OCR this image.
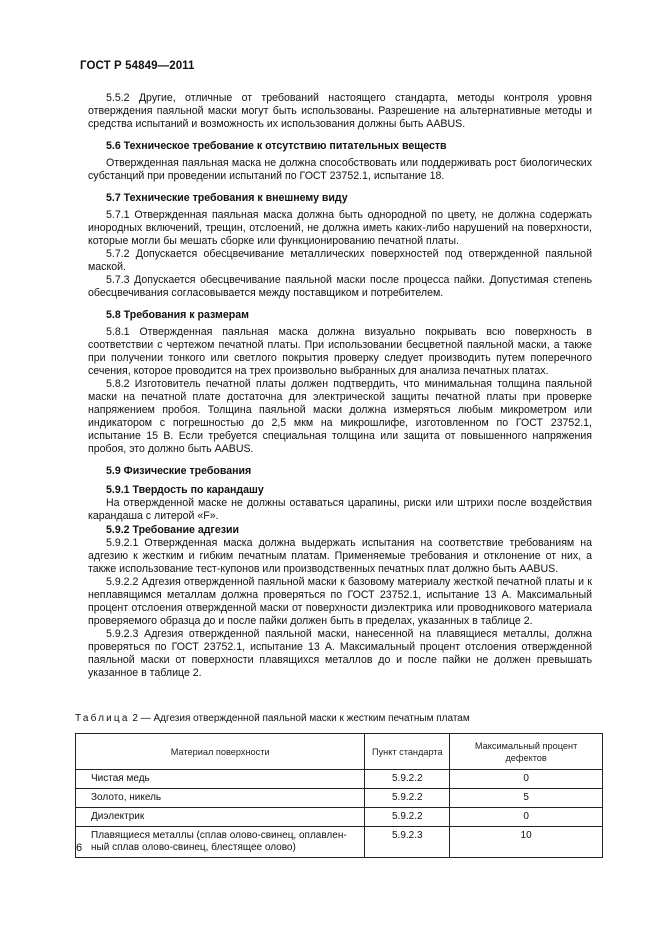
ГОСТ Р 54849—2011

5.5.2 Другие, отличные от требований настоящего стандарта, методы контроля уровня отверждения паяльной маски могут быть использованы. Разрешение на альтернативные методы и средства испытаний и возможность их использования должны быть AABUS.

5.6 Техническое требование к отсутствию питательных веществ

Отвержденная паяльная маска не должна способствовать или поддерживать рост биологических субстанций при проведении испытаний по ГОСТ 23752.1, испытание 18.

5.7 Технические требования к внешнему виду

5.7.1 Отвержденная паяльная маска должна быть однородной по цвету, не должна содержать инородных включений, трещин, отслоений, не должна иметь каких-либо нарушений на поверхности, которые могли бы мешать сборке или функционированию печатной платы.

5.7.2 Допускается обесцвечивание металлических поверхностей под отвержденной паяльной маской.

5.7.3 Допускается обесцвечивание паяльной маски после процесса пайки. Допустимая степень обесцвечивания согласовывается между поставщиком и потребителем.

5.8 Требования к размерам

5.8.1 Отвержденная паяльная маска должна визуально покрывать всю поверхность в соответствии с чертежом печатной платы. При использовании бесцветной паяльной маски, а также при получении тонкого или светлого покрытия проверку следует производить путем поперечного сечения, которое проводится на трех произвольно выбранных для анализа печатных платах.

5.8.2 Изготовитель печатной платы должен подтвердить, что минимальная толщина паяльной маски на печатной плате достаточна для электрической защиты печатной платы при проверке напряжением пробоя. Толщина паяльной маски должна измеряться любым микрометром или индикатором с погрешностью до 2,5 мкм на микрошлифе, изготовленном по ГОСТ 23752.1, испытание 15 В. Если требуется специальная толщина или защита от повышенного напряжения пробоя, это должно быть AABUS.

5.9 Физические требования
5.9.1 Твердость по карандашу

На отвержденной маске не должны оставаться царапины, риски или штрихи после воздействия карандаша с литерой «F».

5.9.2 Требование адгезии

5.9.2.1 Отвержденная маска должна выдержать испытания на соответствие требованиям на адгезию к жестким и гибким печатным платам. Применяемые требования и отклонение от них, а также использование тест-купонов или производственных печатных плат должно быть AABUS.

5.9.2.2 Адгезия отвержденной паяльной маски к базовому материалу жесткой печатной платы и к неплавящимся металлам должна проверяться по ГОСТ 23752.1, испытание 13 А. Максимальный процент отслоения отвержденной маски от поверхности диэлектрика или проводникового материала проверяемого образца до и после пайки должен быть в пределах, указанных в таблице 2.

5.9.2.3 Адгезия отвержденной паяльной маски, нанесенной на плавящиеся металлы, должна проверяться по ГОСТ 23752.1, испытание 13 А. Максимальный процент отслоения отвержденной паяльной маски от поверхности плавящихся металлов до и после пайки не должен превышать указанное в таблице 2.

Таблица 2 — Адгезия отвержденной паяльной маски к жестким печатным платам
Материал поверхности	Пункт стандарта	Максимальный процент дефектов
Чистая медь	5.9.2.2	0
Золото, никель	5.9.2.2	5
Диэлектрик	5.9.2.2	0

Плавящиеся металлы (сплав олово-свинец, оплавлен-
ный сплав олово-свинец, блестящее олово)	5.9.2.3	10
6
